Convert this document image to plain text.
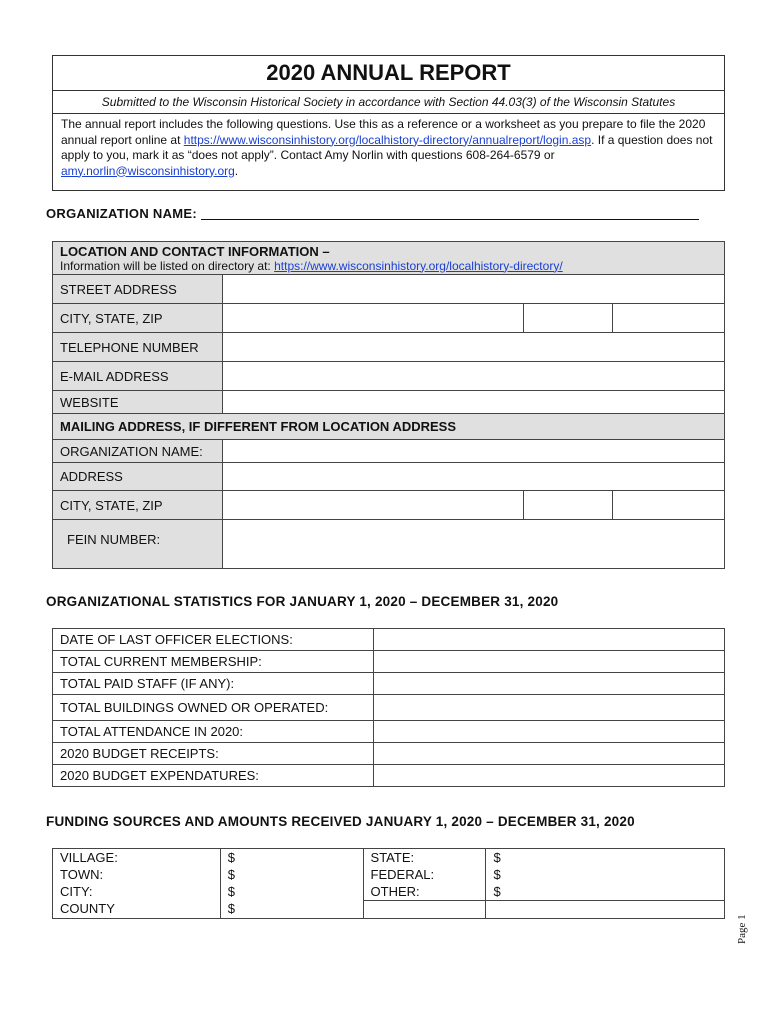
2020 ANNUAL REPORT
Submitted to the Wisconsin Historical Society in accordance with Section 44.03(3) of the Wisconsin Statutes
The annual report includes the following questions. Use this as a reference or a worksheet as you prepare to file the 2020 annual report online at https://www.wisconsinhistory.org/localhistory-directory/annualreport/login.asp. If a question does not apply to you, mark it as “does not apply”. Contact Amy Norlin with questions 608-264-6579 or amy.norlin@wisconsinhistory.org.
ORGANIZATION NAME:
LOCATION AND CONTACT INFORMATION –
Information will be listed on directory at: https://www.wisconsinhistory.org/localhistory-directory/			

STREET ADDRESS			
CITY, STATE, ZIP			
TELEPHONE NUMBER			
E-MAIL ADDRESS			
WEBSITE			
MAILING ADDRESS, IF DIFFERENT FROM LOCATION ADDRESS			
ORGANIZATION NAME:			
ADDRESS			
CITY, STATE, ZIP			
FEIN NUMBER:			
ORGANIZATIONAL STATISTICS FOR JANUARY 1, 2020 – DECEMBER 31, 2020
DATE OF LAST OFFICER ELECTIONS:	
TOTAL CURRENT MEMBERSHIP:	
TOTAL PAID STAFF (IF ANY):	
TOTAL BUILDINGS OWNED OR OPERATED:	
TOTAL ATTENDANCE IN 2020:	
2020 BUDGET RECEIPTS:	
2020 BUDGET EXPENDATURES:	
FUNDING SOURCES AND AMOUNTS RECEIVED JANUARY 1, 2020 – DECEMBER 31, 2020
VILLAGE:	$	STATE:	$
TOWN:	$	FEDERAL:	$
CITY:	$	OTHER:	$
COUNTY	$		
Page 1
